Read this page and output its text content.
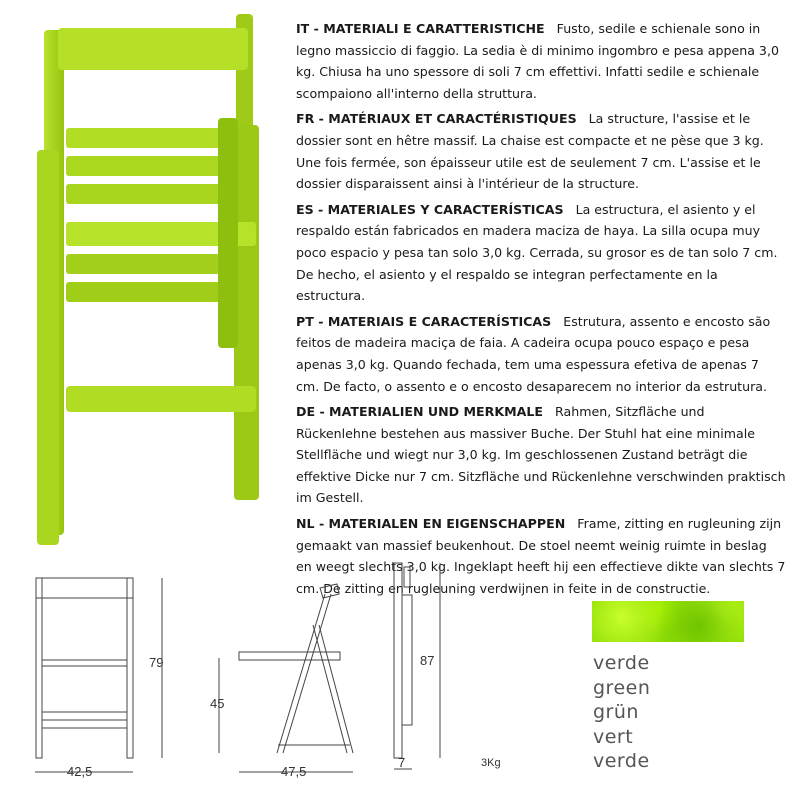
IT - MATERIALI E CARATTERISTICHE Fusto, sedile e schienale sono in legno massiccio di faggio. La sedia è di minimo ingombro e pesa appena 3,0 kg. Chiusa ha uno spessore di soli 7 cm effettivi. Infatti sedile e schienale scompaiono all'interno della struttura.

FR - MATÉRIAUX ET CARACTÉRISTIQUES La structure, l'assise et le dossier sont en hêtre massif. La chaise est compacte et ne pèse que 3 kg. Une fois fermée, son épaisseur utile est de seulement 7 cm. L'assise et le dossier disparaissent ainsi à l'intérieur de la structure.

ES - MATERIALES Y CARACTERÍSTICAS La estructura, el asiento y el respaldo están fabricados en madera maciza de haya. La silla ocupa muy poco espacio y pesa tan solo 3,0 kg. Cerrada, su grosor es de tan solo 7 cm. De hecho, el asiento y el respaldo se integran perfectamente en la estructura.

PT - MATERIAIS E CARACTERÍSTICAS Estrutura, assento e encosto são feitos de madeira maciça de faia. A cadeira ocupa pouco espaço e pesa apenas 3,0 kg. Quando fechada, tem uma espessura efetiva de apenas 7 cm. De facto, o assento e o encosto desaparecem no interior da estrutura.

DE - MATERIALIEN UND MERKMALE Rahmen, Sitzfläche und Rückenlehne bestehen aus massiver Buche. Der Stuhl hat eine minimale Stellfläche und wiegt nur 3,0 kg. Im geschlossenen Zustand beträgt die effektive Dicke nur 7 cm. Sitzfläche und Rückenlehne verschwinden praktisch im Gestell.

NL - MATERIALEN EN EIGENSCHAPPEN Frame, zitting en rugleuning zijn gemaakt van massief beukenhout. De stoel neemt weinig ruimte in beslag en weegt slechts 3,0 kg. Ingeklapt heeft hij een effectieve dikte van slechts 7 cm. De zitting en rugleuning verdwijnen in feite in de constructie.

42,5
79
45
47,5
87
7	3Kg
verde
green
grün
vert
verde
